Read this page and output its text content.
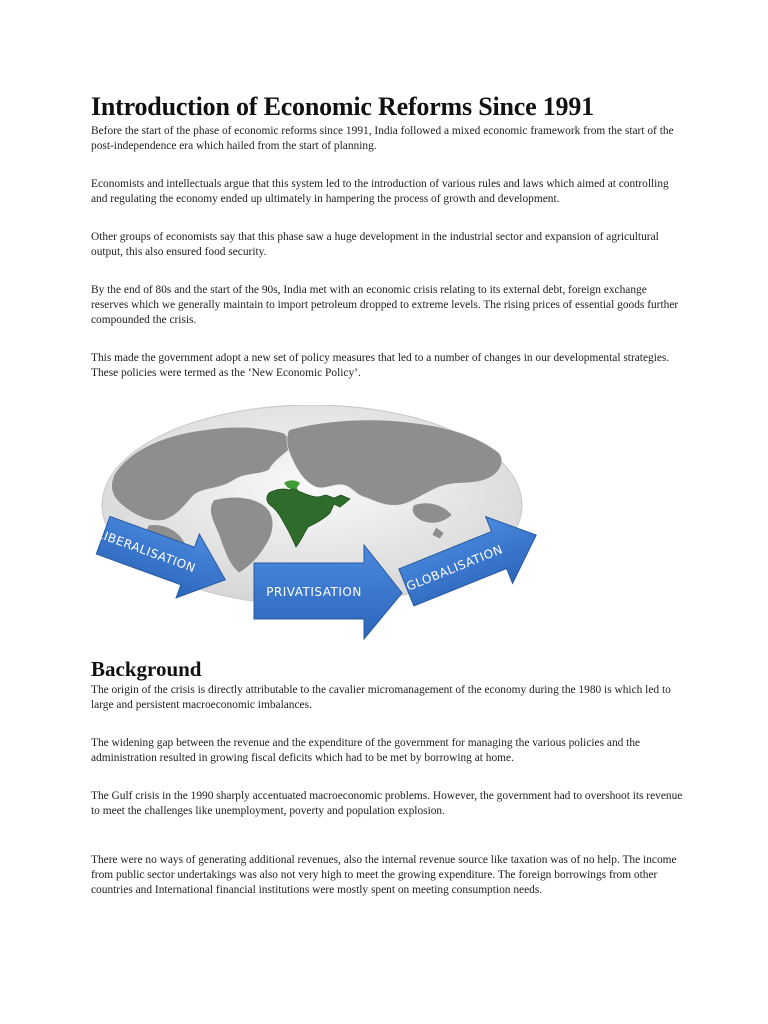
Introduction of Economic Reforms Since 1991

Before the start of the phase of economic reforms since 1991, India followed a mixed economic framework from the start of the post-independence era which hailed from the start of planning.

Economists and intellectuals argue that this system led to the introduction of various rules and laws which aimed at controlling and regulating the economy ended up ultimately in hampering the process of growth and development.

Other groups of economists say that this phase saw a huge development in the industrial sector and expansion of agricultural output, this also ensured food security.

By the end of 80s and the start of the 90s, India met with an economic crisis relating to its external debt, foreign exchange reserves which we generally maintain to import petroleum dropped to extreme levels. The rising prices of essential goods further compounded the crisis.

This made the government adopt a new set of policy measures that led to a number of changes in our developmental strategies. These policies were termed as the ‘New Economic Policy’.

LIBERALISATION
PRIVATISATION	GLOBALISATION
Background

The origin of the crisis is directly attributable to the cavalier micromanagement of the economy during the 1980 is which led to large and persistent macroeconomic imbalances.

The widening gap between the revenue and the expenditure of the government for managing the various policies and the administration resulted in growing fiscal deficits which had to be met by borrowing at home.

The Gulf crisis in the 1990 sharply accentuated macroeconomic problems. However, the government had to overshoot its revenue to meet the challenges like unemployment, poverty and population explosion.

There were no ways of generating additional revenues, also the internal revenue source like taxation was of no help. The income from public sector undertakings was also not very high to meet the growing expenditure. The foreign borrowings from other countries and International financial institutions were mostly spent on meeting consumption needs.
